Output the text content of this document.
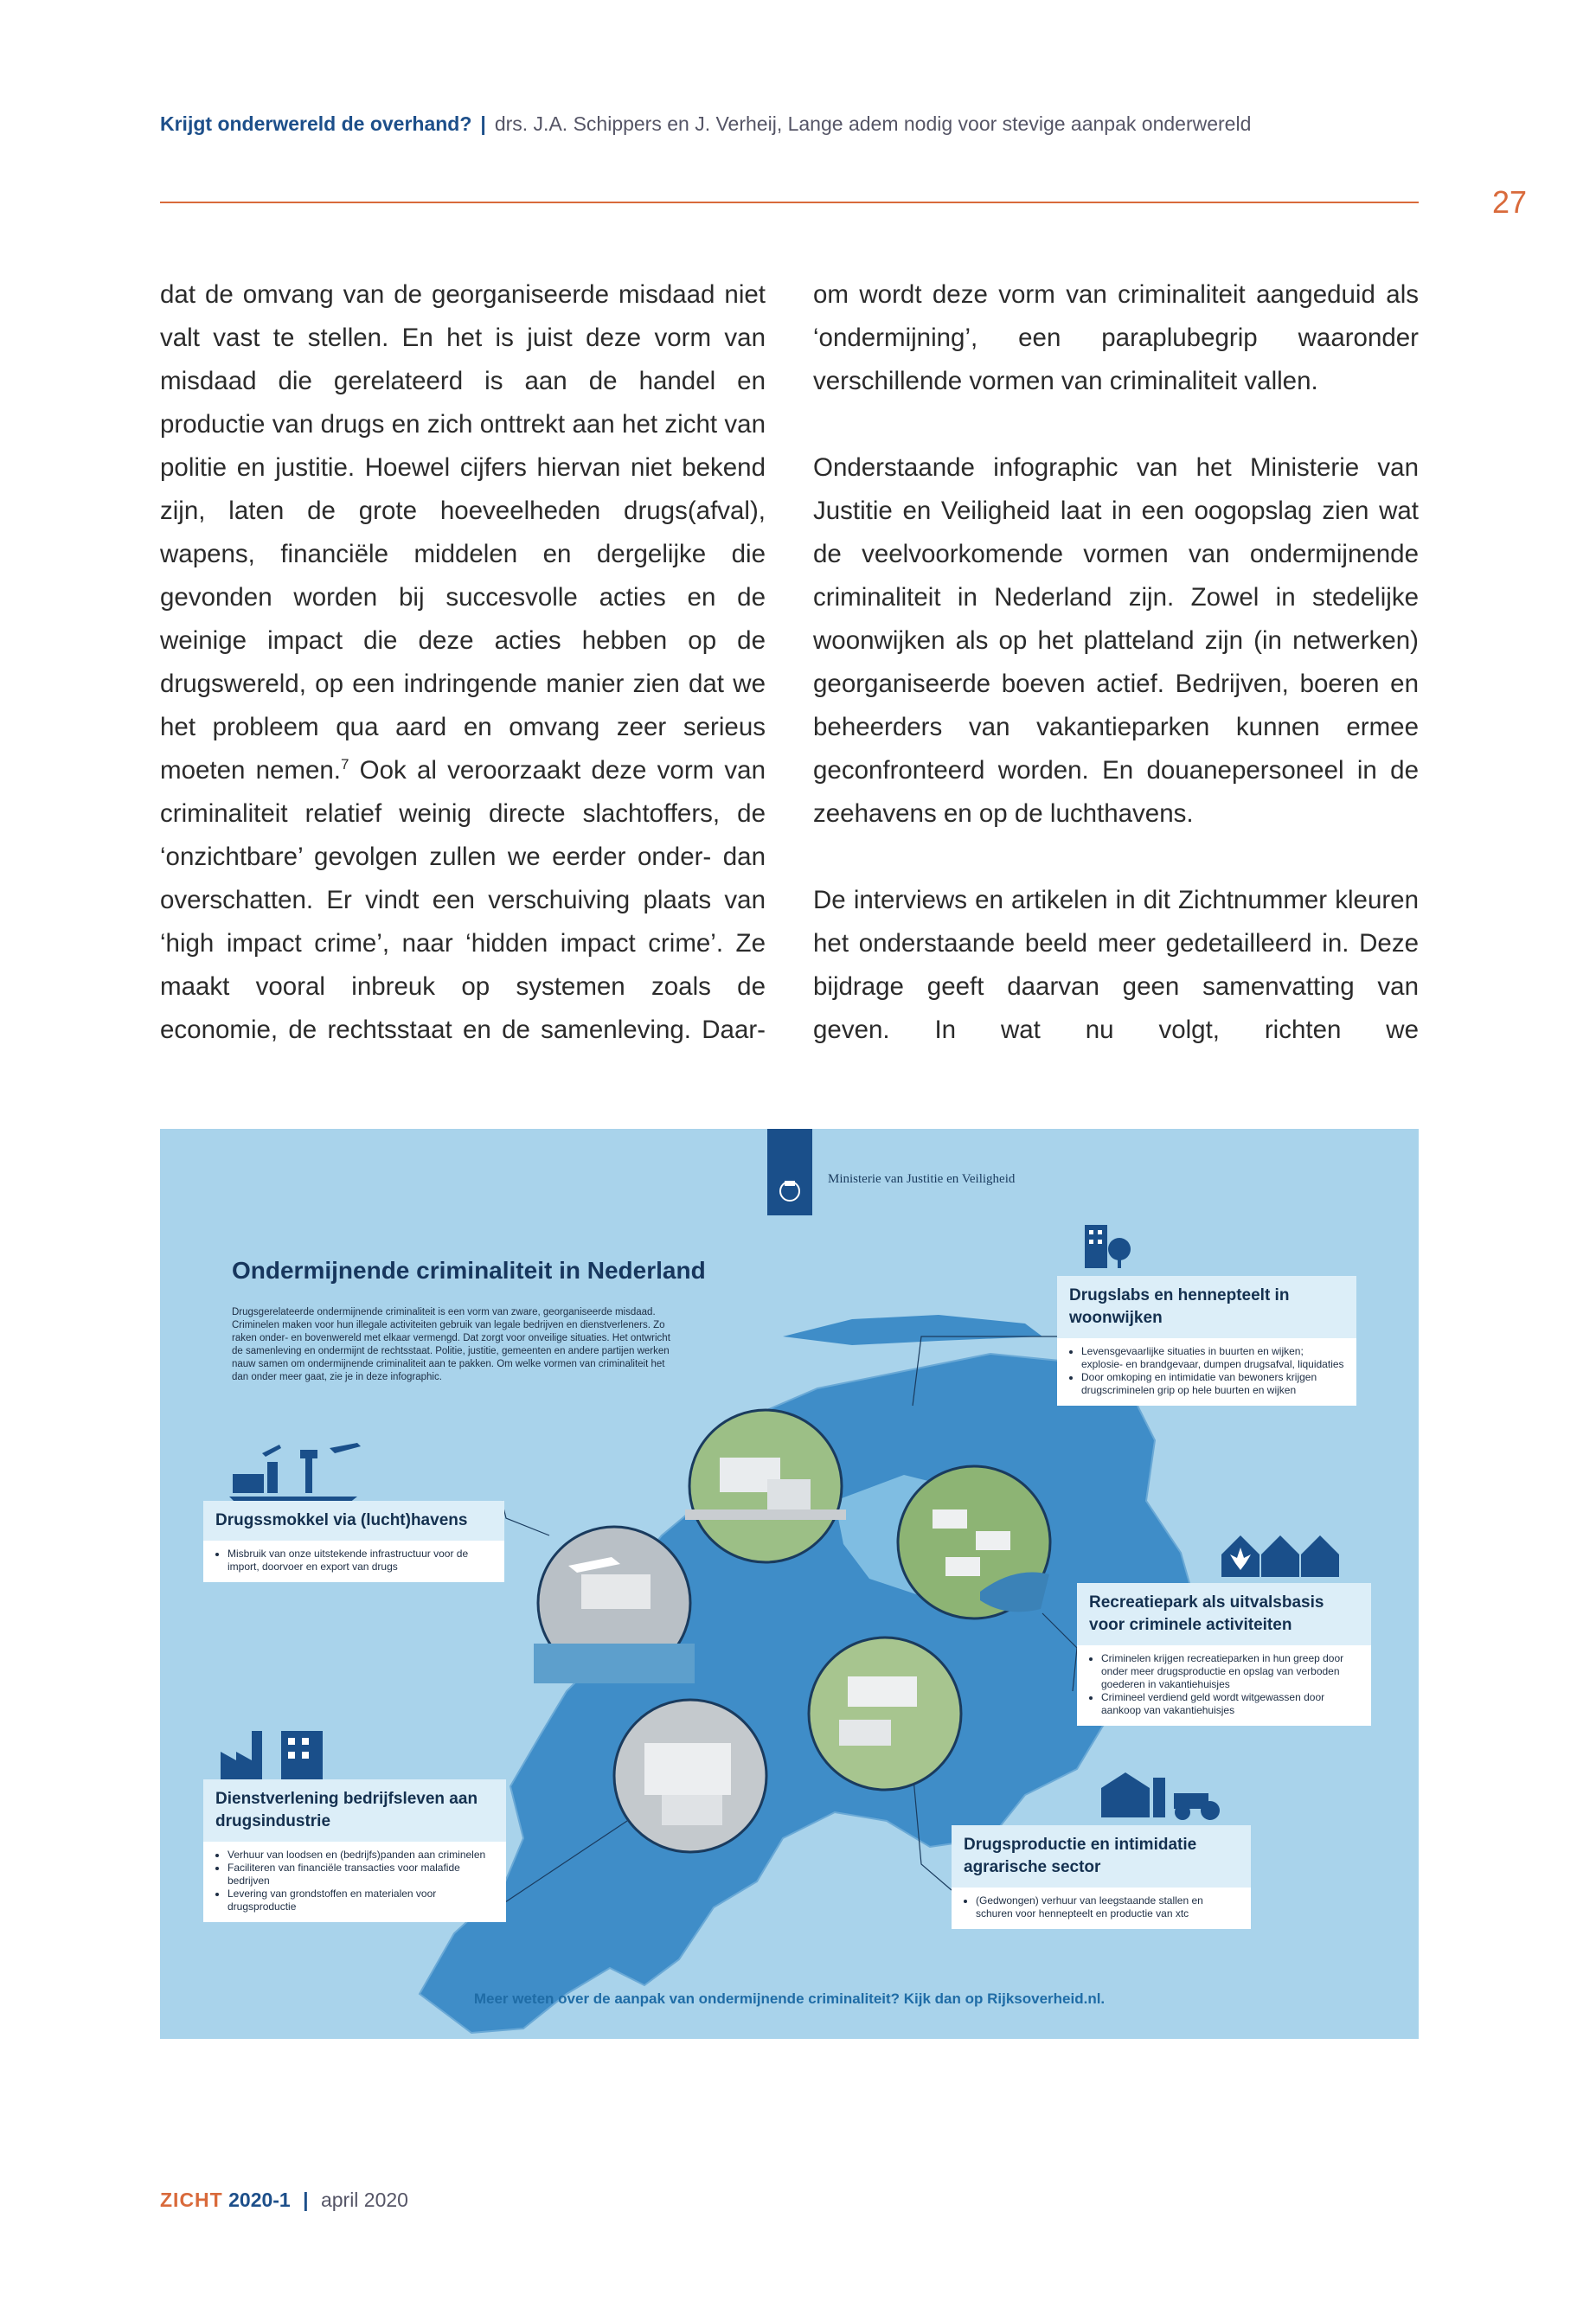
Krijgt onderwereld de overhand? | drs. J.A. Schippers en J. Verheij, Lange adem nodig voor stevige aanpak onderwereld
27

dat de omvang van de georganiseerde misdaad niet valt vast te stellen. En het is juist deze vorm van misdaad die gerelateerd is aan de handel en productie van drugs en zich onttrekt aan het zicht van politie en justitie. Hoewel cijfers hiervan niet bekend zijn, laten de grote hoeveelheden drugs(afval), wapens, financiële middelen en dergelijke die gevonden worden bij succesvolle acties en de weinige impact die deze acties hebben op de drugswereld, op een indringende manier zien dat we het probleem qua aard en omvang zeer serieus moeten nemen.$^7$ Ook al veroorzaakt deze vorm van criminaliteit relatief weinig directe slachtoffers, de ‘onzichtbare’ gevolgen zullen we eerder onder- dan overschatten. Er vindt een verschuiving plaats van ‘high impact crime’, naar ‘hidden impact crime’. Ze maakt vooral inbreuk op systemen zoals de economie, de rechtsstaat en de samenleving. Daar-

om wordt deze vorm van criminaliteit aangeduid als ‘ondermijning’, een paraplubegrip waaronder verschillende vormen van criminaliteit vallen.

Onderstaande infographic van het Ministerie van Justitie en Veiligheid laat in een oogopslag zien wat de veelvoorkomende vormen van ondermijnende criminaliteit in Nederland zijn. Zowel in stedelijke woonwijken als op het platteland zijn (in netwerken) georganiseerde boeven actief. Bedrijven, boeren en beheerders van vakantieparken kunnen ermee geconfronteerd worden. En douanepersoneel in de zeehavens en op de luchthavens.

De interviews en artikelen in dit Zichtnummer kleuren het onderstaande beeld meer gedetailleerd in. Deze bijdrage geeft daarvan geen samenvatting van geven. In wat nu volgt, richten we

Ministerie van Justitie en Veiligheid
Ondermijnende criminaliteit in Nederland
Drugsgerelateerde ondermijnende criminaliteit is een vorm van zware, georganiseerde misdaad. Criminelen maken voor hun illegale activiteiten gebruik van legale bedrijven en dienstverleners. Zo raken onder- en bovenwereld met elkaar vermengd. Dat zorgt voor onveilige situaties. Het ontwricht de samenleving en ondermijnt de rechtsstaat. Politie, justitie, gemeenten en andere partijen werken nauw samen om ondermijnende criminaliteit aan te pakken. Om welke vormen van criminaliteit het dan onder meer gaat, zie je in deze infographic.
Drugslabs en hennepteelt in woonwijken
• Levensgevaarlijke situaties in buurten en wijken; explosie- en brandgevaar, dumpen drugsafval, liquidaties
• Door omkoping en intimidatie van bewoners krijgen drugscriminelen grip op hele buurten en wijken
Drugssmokkel via (lucht)havens
• Misbruik van onze uitstekende infrastructuur voor de import, doorvoer en export van drugs
Recreatiepark als uitvalsbasis voor criminele activiteiten
• Criminelen krijgen recreatieparken in hun greep door onder meer drugsproductie en opslag van verboden goederen in vakantiehuisjes
• Crimineel verdiend geld wordt witgewassen door aankoop van vakantiehuisjes
Dienstverlening bedrijfsleven aan drugsindustrie
• Verhuur van loodsen en (bedrijfs)panden aan criminelen
• Faciliteren van financiële transacties voor malafide bedrijven
• Levering van grondstoffen en materialen voor drugsproductie
Drugsproductie en intimidatie agrarische sector
• (Gedwongen) verhuur van leegstaande stallen en schuren voor hennepteelt en productie van xtc
Meer weten over de aanpak van ondermijnende criminaliteit? Kijk dan op Rijksoverheid.nl.
ZICHT 2020-1 | april 2020
